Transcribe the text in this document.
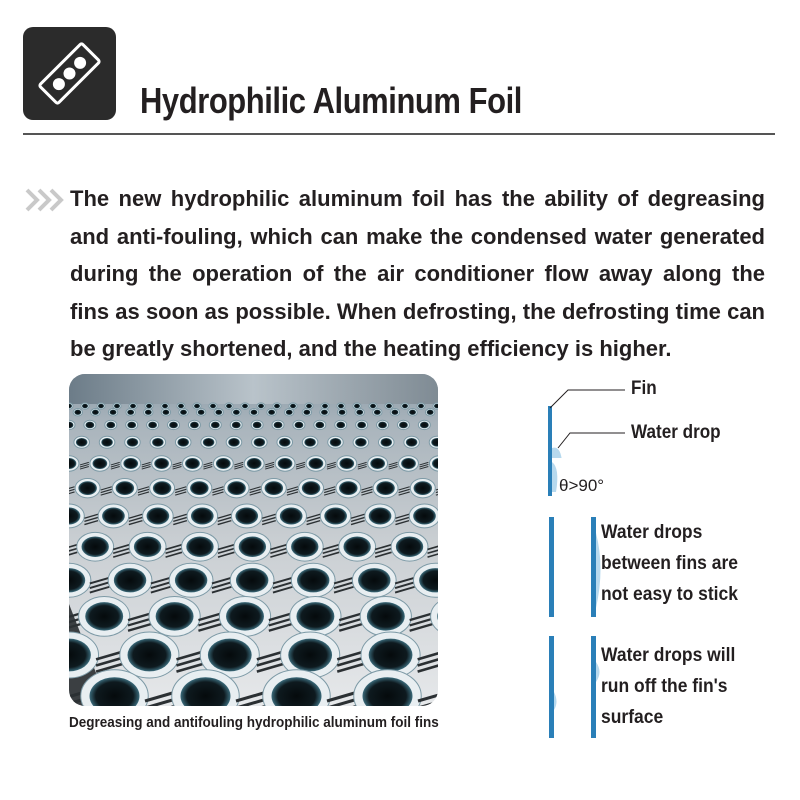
Hydrophilic Aluminum Foil
The new hydrophilic aluminum foil has the ability of degreasing and anti-fouling, which can make the condensed water generated during the operation of the air conditioner flow away along the fins as soon as possible. When defrosting, the defrosting time can be greatly shortened, and the heating efficiency is higher.
Degreasing and antifouling hydrophilic aluminum foil fins
Fin
Water drop
θ>90°
Water drops
between fins are
not easy to stick
Water drops will
run off the fin's
surface
